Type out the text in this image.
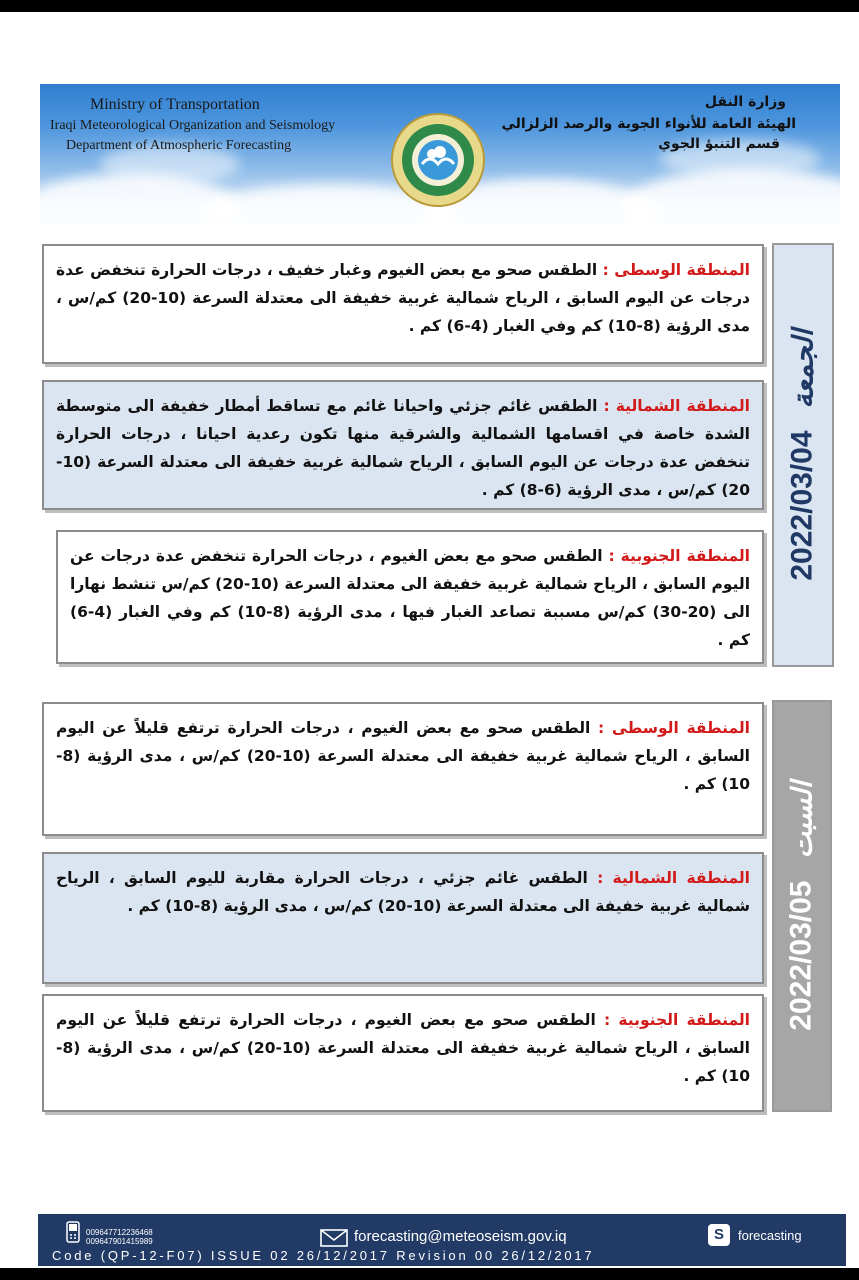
Ministry of Transportation
Iraqi Meteorological Organization and Seismology
Department of Atmospheric Forecasting
وزارة النقل
الهيئة العامة للأنواء الجوية والرصد الزلزالي
قسم التنبؤ الجوي
المنطقة الوسطى : الطقس صحو مع بعض الغيوم وغبار خفيف ، درجات الحرارة تنخفض عدة درجات عن اليوم السابق ، الرياح شمالية غربية خفيفة الى معتدلة السرعة (10-20) كم/س ، مدى الرؤية (8-10) كم وفي الغبار (4-6) كم .
المنطقة الشمالية : الطقس غائم جزئي واحيانا غائم مع تساقط أمطار خفيفة الى متوسطة الشدة خاصة في اقسامها الشمالية والشرقية منها تكون رعدية احيانا ، درجات الحرارة تنخفض عدة درجات عن اليوم السابق ، الرياح شمالية غربية خفيفة الى معتدلة السرعة (10-20) كم/س ، مدى الرؤية (6-8) كم .
المنطقة الجنوبية : الطقس صحو مع بعض الغيوم ، درجات الحرارة تنخفض عدة درجات عن اليوم السابق ، الرياح شمالية غربية خفيفة الى معتدلة السرعة (10-20) كم/س تنشط نهارا الى (20-30) كم/س مسببة تصاعد الغبار فيها ، مدى الرؤية (8-10) كم وفي الغبار (4-6) كم .
2022/03/04
الجمعة
المنطقة الوسطى : الطقس صحو مع بعض الغيوم ، درجات الحرارة ترتفع قليلاً عن اليوم السابق ، الرياح شمالية غربية خفيفة الى معتدلة السرعة (10-20) كم/س ، مدى الرؤية (8-10) كم .
المنطقة الشمالية : الطقس غائم جزئي ، درجات الحرارة مقاربة لليوم السابق ، الرياح شمالية غربية خفيفة الى معتدلة السرعة (10-20) كم/س ، مدى الرؤية (8-10) كم .
المنطقة الجنوبية : الطقس صحو مع بعض الغيوم ، درجات الحرارة ترتفع قليلاً عن اليوم السابق ، الرياح شمالية غربية خفيفة الى معتدلة السرعة (10-20) كم/س ، مدى الرؤية (8-10) كم .
2022/03/05
السبت
009647712236468
009647901415989	forecasting@meteoseism.gov.iq	S	forecasting
Code (QP-12-F07) ISSUE 02 26/12/2017 Revision 00 26/12/2017
